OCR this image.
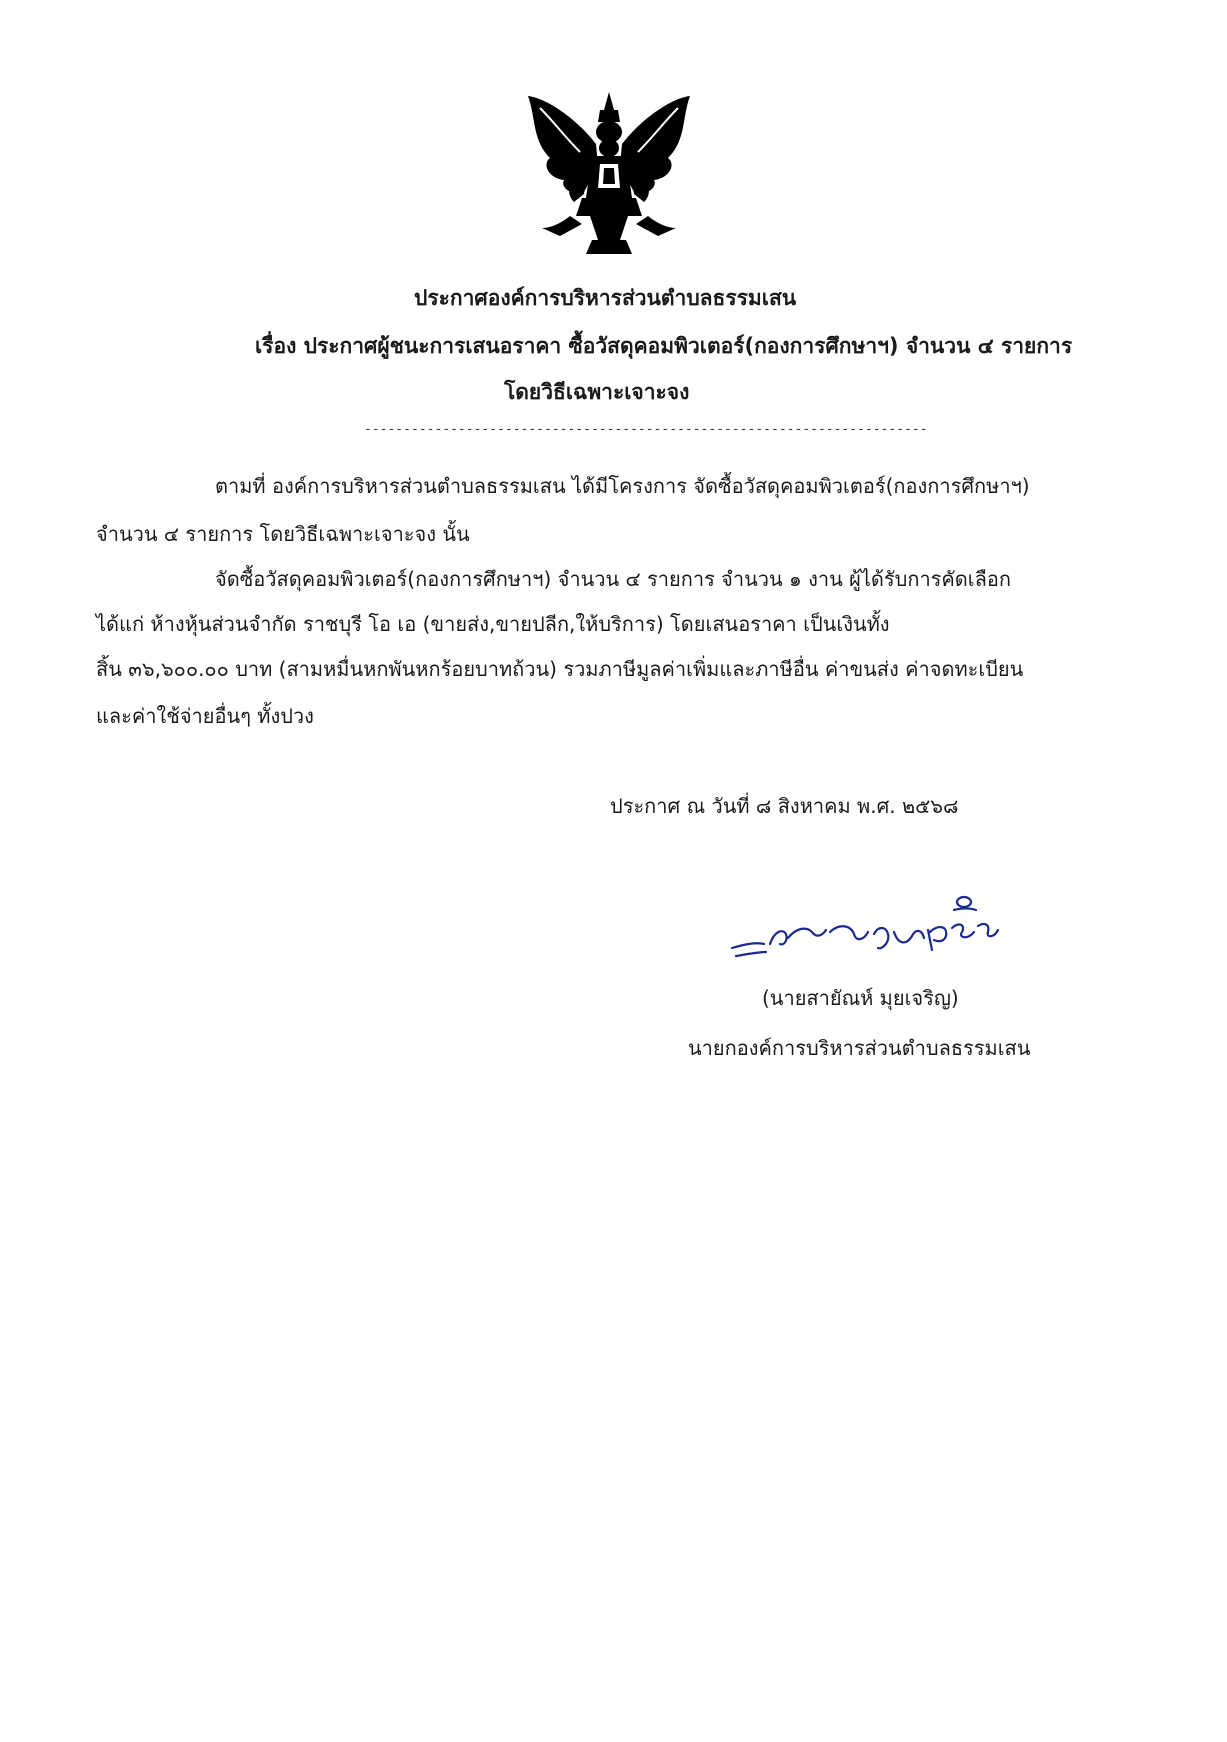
ประกาศองค์การบริหารส่วนตำบลธรรมเสน
เรื่อง ประกาศผู้ชนะการเสนอราคา ซื้อวัสดุคอมพิวเตอร์(กองการศึกษาฯ) จำนวน ๔ รายการ
โดยวิธีเฉพาะเจาะจง
------------------------------------------------------------------------
ตามที่ องค์การบริหารส่วนตำบลธรรมเสน ได้มีโครงการ จัดซื้อวัสดุคอมพิวเตอร์(กองการศึกษาฯ)
จำนวน ๔ รายการ โดยวิธีเฉพาะเจาะจง นั้น
จัดซื้อวัสดุคอมพิวเตอร์(กองการศึกษาฯ) จำนวน ๔ รายการ จำนวน ๑ งาน ผู้ได้รับการคัดเลือก
ได้แก่ ห้างหุ้นส่วนจำกัด ราชบุรี โอ เอ (ขายส่ง,ขายปลีก,ให้บริการ) โดยเสนอราคา เป็นเงินทั้ง
สิ้น ๓๖,๖๐๐.๐๐ บาท (สามหมื่นหกพันหกร้อยบาทถ้วน) รวมภาษีมูลค่าเพิ่มและภาษีอื่น ค่าขนส่ง ค่าจดทะเบียน
และค่าใช้จ่ายอื่นๆ ทั้งปวง
ประกาศ ณ วันที่ ๘ สิงหาคม พ.ศ. ๒๕๖๘
(นายสายัณห์ มุยเจริญ)
นายกองค์การบริหารส่วนตำบลธรรมเสน
